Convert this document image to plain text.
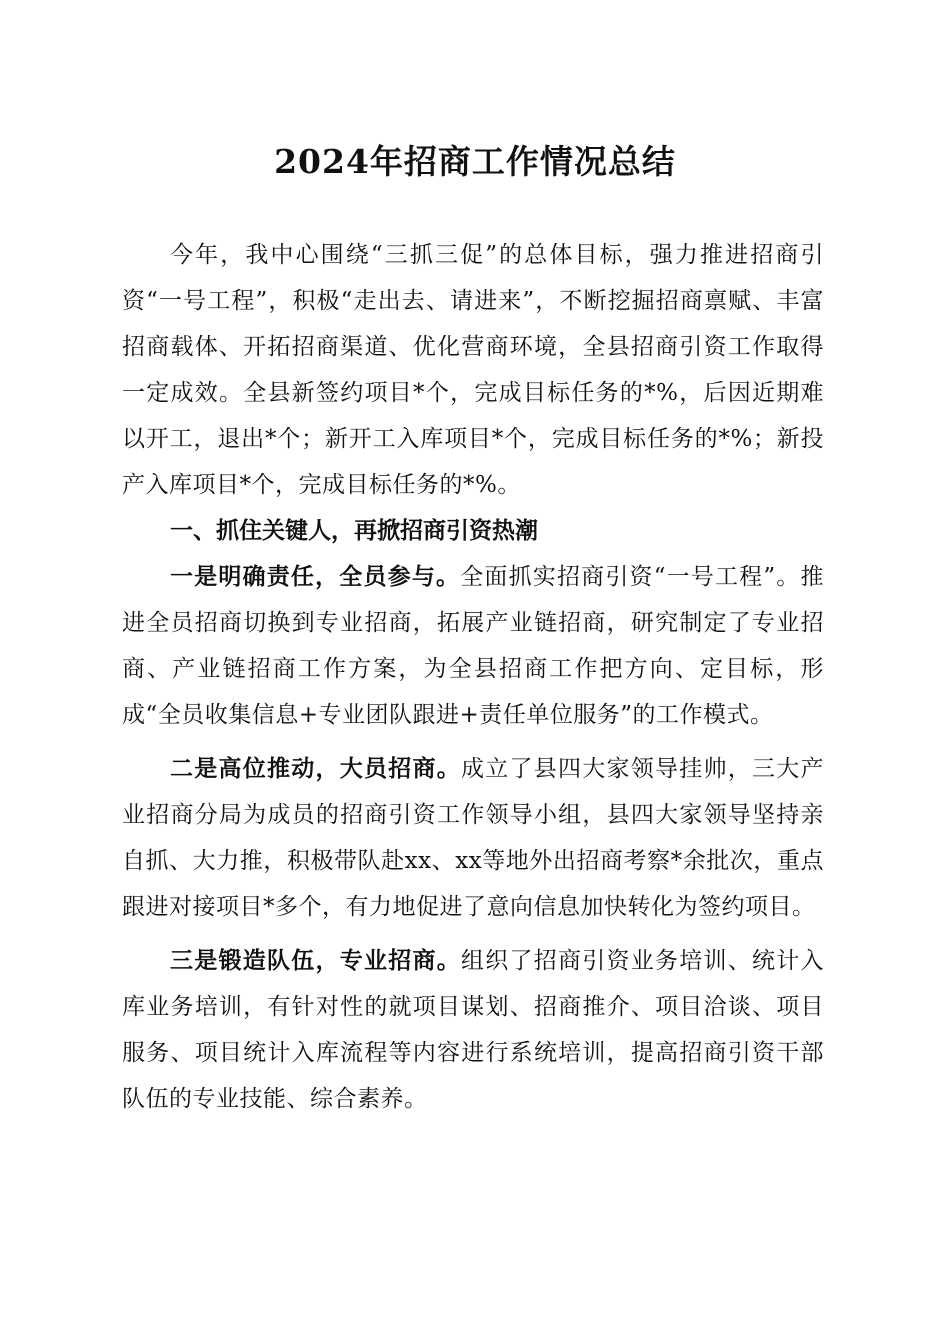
2024年招商工作情况总结

今年，我中心围绕“三抓三促”的总体目标，强力推进招商引资“一号工程”，积极“走出去、请进来”，不断挖掘招商禀赋、丰富招商载体、开拓招商渠道、优化营商环境，全县招商引资工作取得一定成效。全县新签约项目*个，完成目标任务的*%，后因近期难以开工，退出*个；新开工入库项目*个，完成目标任务的*%；新投产入库项目*个，完成目标任务的*%。

一、抓住关键人，再掀招商引资热潮

一是明确责任，全员参与。全面抓实招商引资“一号工程”。推进全员招商切换到专业招商，拓展产业链招商，研究制定了专业招商、产业链招商工作方案，为全县招商工作把方向、定目标，形成“全员收集信息+专业团队跟进+责任单位服务”的工作模式。

二是高位推动，大员招商。成立了县四大家领导挂帅，三大产业招商分局为成员的招商引资工作领导小组，县四大家领导坚持亲自抓、大力推，积极带队赴xx、xx等地外出招商考察*余批次，重点跟进对接项目*多个，有力地促进了意向信息加快转化为签约项目。

三是锻造队伍，专业招商。组织了招商引资业务培训、统计入库业务培训，有针对性的就项目谋划、招商推介、项目洽谈、项目服务、项目统计入库流程等内容进行系统培训，提高招商引资干部队伍的专业技能、综合素养。
